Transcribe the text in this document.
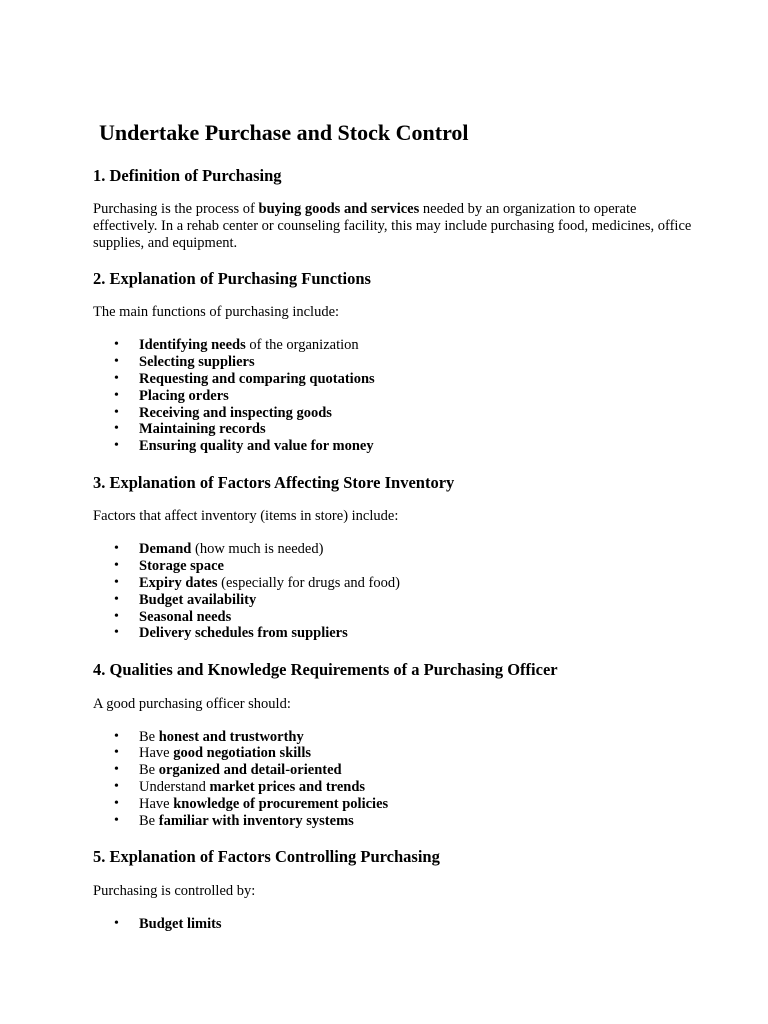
Undertake Purchase and Stock Control
1. Definition of Purchasing

Purchasing is the process of buying goods and services needed by an organization to operate effectively. In a rehab center or counseling facility, this may include purchasing food, medicines, office supplies, and equipment.

2. Explanation of Purchasing Functions

The main functions of purchasing include:

• Identifying needs of the organization
• Selecting suppliers
• Requesting and comparing quotations
• Placing orders
• Receiving and inspecting goods
• Maintaining records
• Ensuring quality and value for money
3. Explanation of Factors Affecting Store Inventory

Factors that affect inventory (items in store) include:

• Demand (how much is needed)
• Storage space
• Expiry dates (especially for drugs and food)
• Budget availability
• Seasonal needs
• Delivery schedules from suppliers
4. Qualities and Knowledge Requirements of a Purchasing Officer

A good purchasing officer should:

• Be honest and trustworthy
• Have good negotiation skills
• Be organized and detail-oriented
• Understand market prices and trends
• Have knowledge of procurement policies
• Be familiar with inventory systems
5. Explanation of Factors Controlling Purchasing

Purchasing is controlled by:

• Budget limits
